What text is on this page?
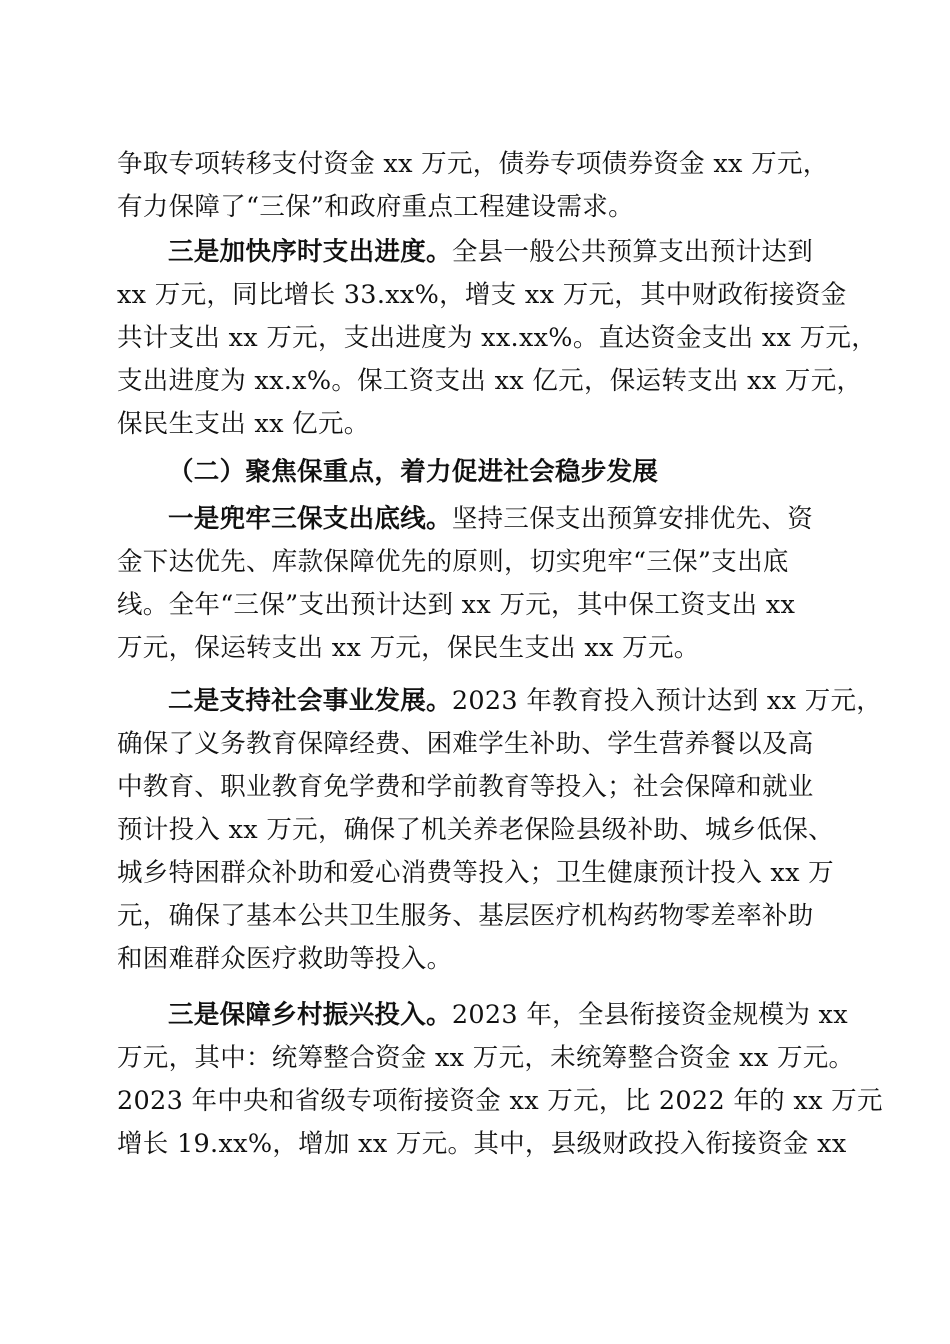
争取专项转移支付资金 xx 万元，债券专项债券资金 xx 万元，
有力保障了“三保”和政府重点工程建设需求。
三是加快序时支出进度。全县一般公共预算支出预计达到
xx 万元，同比增长 33.xx%，增支 xx 万元，其中财政衔接资金
共计支出 xx 万元，支出进度为 xx.xx%。直达资金支出 xx 万元，
支出进度为 xx.x%。保工资支出 xx 亿元，保运转支出 xx 万元，
保民生支出 xx 亿元。
（二）聚焦保重点，着力促进社会稳步发展
一是兜牢三保支出底线。坚持三保支出预算安排优先、资
金下达优先、库款保障优先的原则，切实兜牢“三保”支出底
线。全年“三保”支出预计达到 xx 万元，其中保工资支出 xx
万元，保运转支出 xx 万元，保民生支出 xx 万元。
二是支持社会事业发展。2023 年教育投入预计达到 xx 万元，
确保了义务教育保障经费、困难学生补助、学生营养餐以及高
中教育、职业教育免学费和学前教育等投入；社会保障和就业
预计投入 xx 万元，确保了机关养老保险县级补助、城乡低保、
城乡特困群众补助和爱心消费等投入；卫生健康预计投入 xx 万
元，确保了基本公共卫生服务、基层医疗机构药物零差率补助
和困难群众医疗救助等投入。
三是保障乡村振兴投入。2023 年，全县衔接资金规模为 xx
万元，其中：统筹整合资金 xx 万元，未统筹整合资金 xx 万元。
2023 年中央和省级专项衔接资金 xx 万元，比 2022 年的 xx 万元
增长 19.xx%，增加 xx 万元。其中，县级财政投入衔接资金 xx
